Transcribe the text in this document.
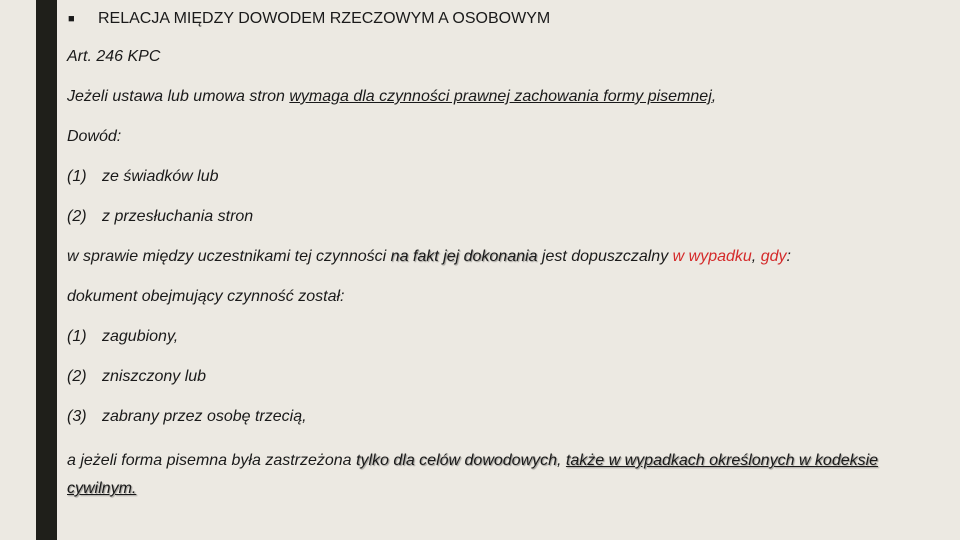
■	RELACJA MIĘDZY DOWODEM RZECZOWYM A OSOBOWYM
Art. 246 KPC
Jeżeli ustawa lub umowa stron wymaga dla czynności prawnej zachowania formy pisemnej,
Dowód:
(1) ze świadków lub
(2) z przesłuchania stron
w sprawie między uczestnikami tej czynności na fakt jej dokonania jest dopuszczalny w wypadku, gdy:
dokument obejmujący czynność został:
(1) zagubiony,
(2) zniszczony lub
(3) zabrany przez osobę trzecią,
a jeżeli forma pisemna była zastrzeżona tylko dla celów dowodowych, także w wypadkach określonych w kodeksie cywilnym.
